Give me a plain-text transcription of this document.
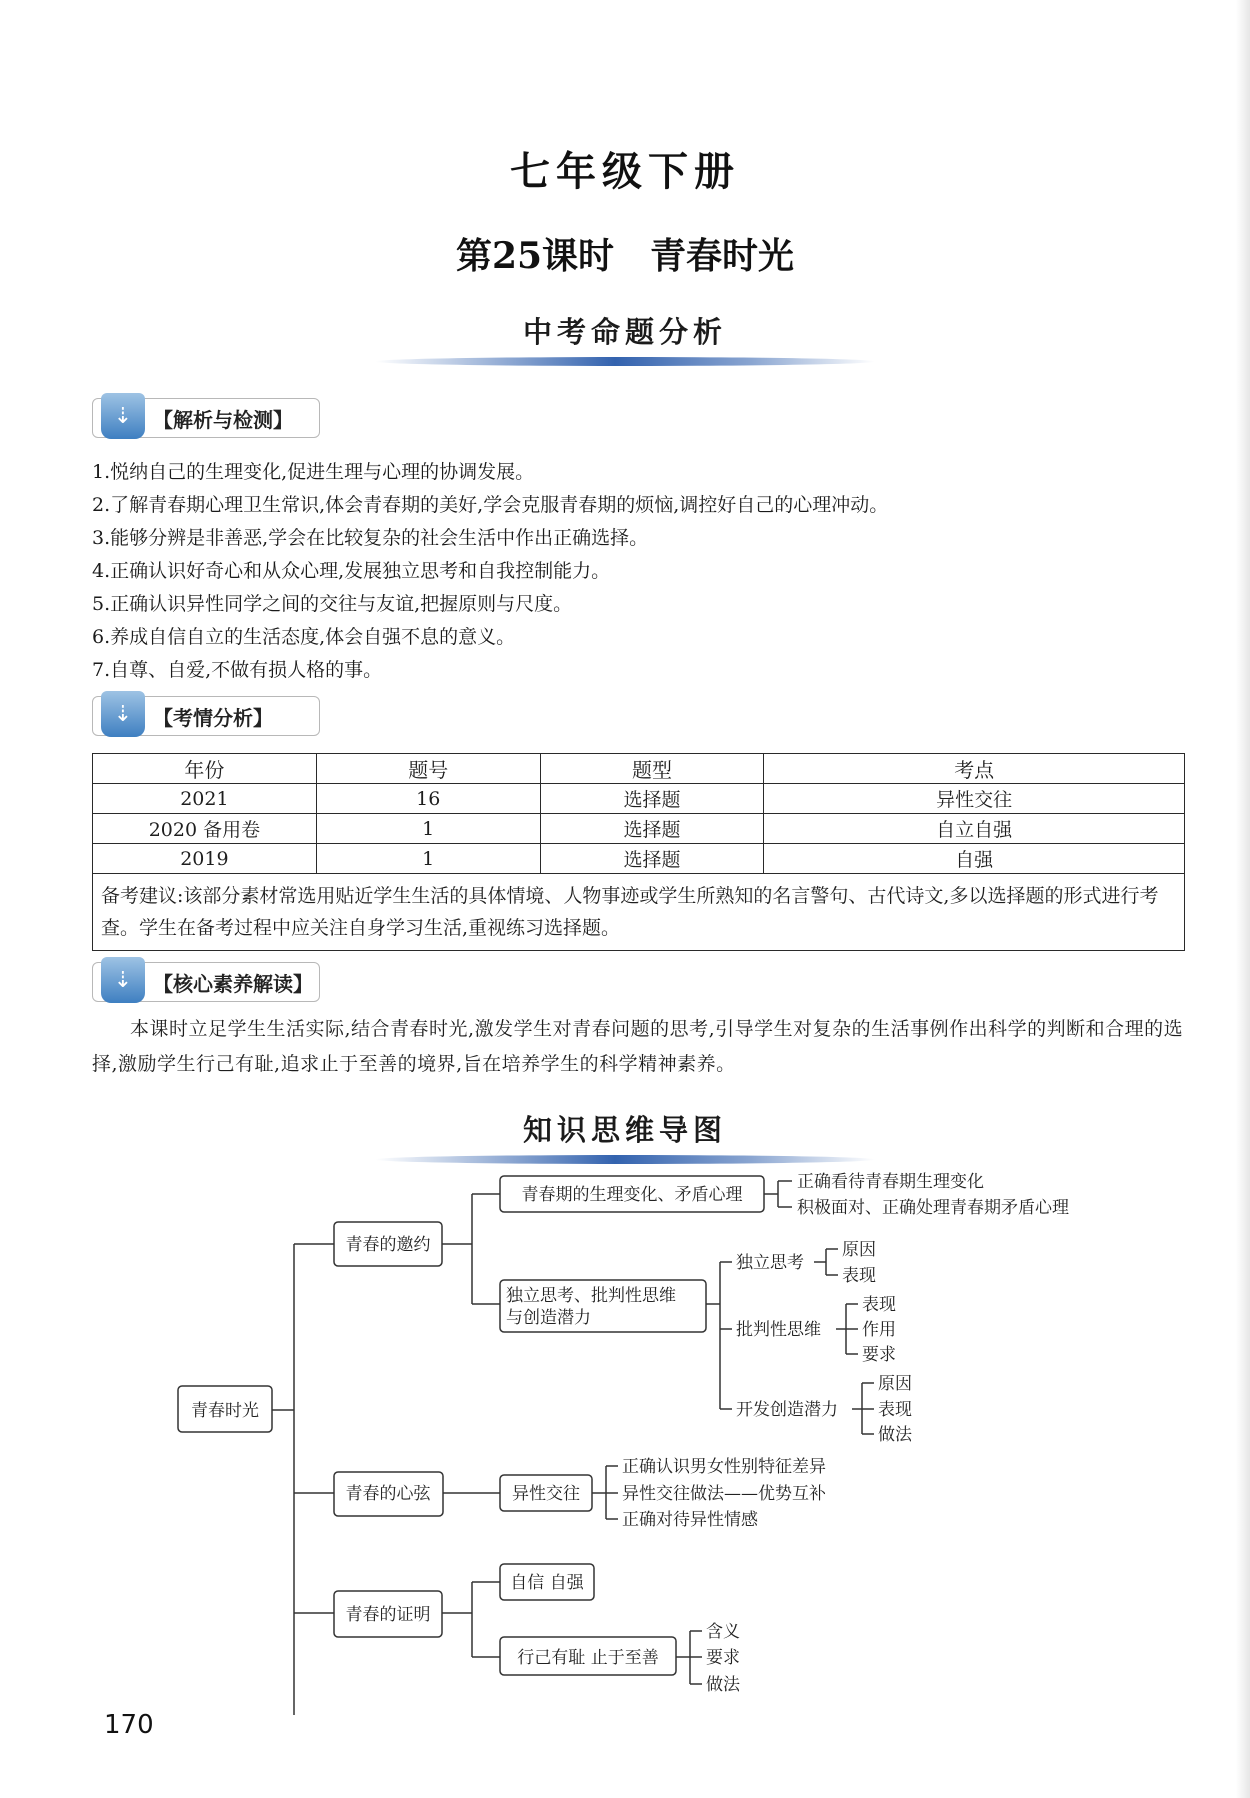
七年级下册
第25课时 青春时光
中考命题分析
⇣	【解析与检测】
1.悦纳自己的生理变化,促进生理与心理的协调发展。
2.了解青春期心理卫生常识,体会青春期的美好,学会克服青春期的烦恼,调控好自己的心理冲动。
3.能够分辨是非善恶,学会在比较复杂的社会生活中作出正确选择。
4.正确认识好奇心和从众心理,发展独立思考和自我控制能力。
5.正确认识异性同学之间的交往与友谊,把握原则与尺度。
6.养成自信自立的生活态度,体会自强不息的意义。
7.自尊、自爱,不做有损人格的事。
⇣	【考情分析】
年份	题号	题型	考点
2021	16	选择题	异性交往
2020 备用卷	1	选择题	自立自强
2019	1	选择题	自强
备考建议:该部分素材常选用贴近学生生活的具体情境、人物事迹或学生所熟知的名言警句、古代诗文,多以选择题的形式进行考查。学生在备考过程中应关注自身学习生活,重视练习选择题。			
⇣	【核心素养解读】

本课时立足学生生活实际,结合青春时光,激发学生对青春问题的思考,引导学生对复杂的生活事例作出科学的判断和合理的选择,激励学生行己有耻,追求止于至善的境界,旨在培养学生的科学精神素养。

知识思维导图
青春时光
青春的邀约
青春期的生理变化、矛盾心理
正确看待青春期生理变化
积极面对、正确处理青春期矛盾心理
独立思考、批判性思维
与创造潜力
独立思考
原因
表现
批判性思维
表现
作用
要求
开发创造潜力
原因
表现
做法
青春的心弦	异性交往
正确认识男女性别特征差异
异性交往做法——优势互补
正确对待异性情感
青春的证明
自信 自强
行己有耻 止于至善
含义
要求
做法
170
